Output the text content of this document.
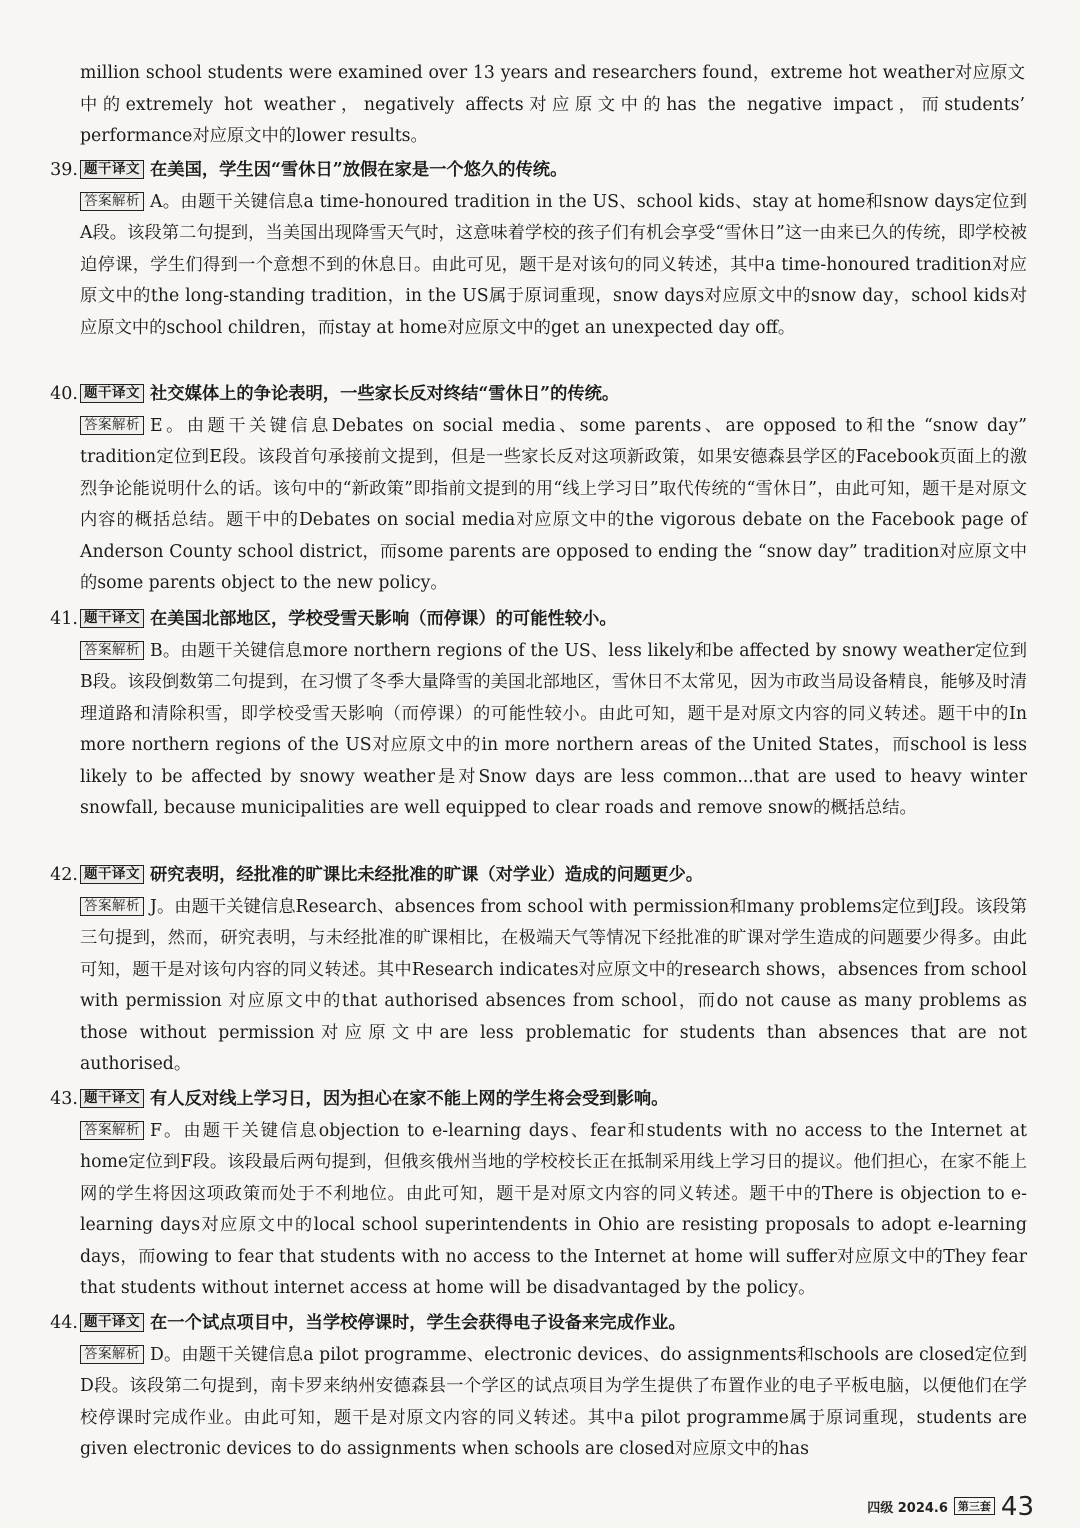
million school students were examined over 13 years and researchers found，extreme hot weather对应原文中的extremely hot weather，negatively affects对应原文中的has the negative impact，而students’ performance对应原文中的lower results。
39. 题干译文 在美国，学生因“雪休日”放假在家是一个悠久的传统。
答案解析 A。由题干关键信息a time-honoured tradition in the US、school kids、stay at home和snow days定位到A段。该段第二句提到，当美国出现降雪天气时，这意味着学校的孩子们有机会享受“雪休日”这一由来已久的传统，即学校被迫停课，学生们得到一个意想不到的休息日。由此可见，题干是对该句的同义转述，其中a time-honoured tradition对应原文中的the long-standing tradition，in the US属于原词重现，snow days对应原文中的snow day，school kids对应原文中的school children，而stay at home对应原文中的get an unexpected day off。
40. 题干译文 社交媒体上的争论表明，一些家长反对终结“雪休日”的传统。
答案解析 E。由题干关键信息Debates on social media、some parents、are opposed to和the “snow day” tradition定位到E段。该段首句承接前文提到，但是一些家长反对这项新政策，如果安德森县学区的Facebook页面上的激烈争论能说明什么的话。该句中的“新政策”即指前文提到的用“线上学习日”取代传统的“雪休日”，由此可知，题干是对原文内容的概括总结。题干中的Debates on social media对应原文中的the vigorous debate on the Facebook page of Anderson County school district，而some parents are opposed to ending the “snow day” tradition对应原文中的some parents object to the new policy。
41. 题干译文 在美国北部地区，学校受雪天影响（而停课）的可能性较小。
答案解析 B。由题干关键信息more northern regions of the US、less likely和be affected by snowy weather定位到B段。该段倒数第二句提到，在习惯了冬季大量降雪的美国北部地区，雪休日不太常见，因为市政当局设备精良，能够及时清理道路和清除积雪，即学校受雪天影响（而停课）的可能性较小。由此可知，题干是对原文内容的同义转述。题干中的In more northern regions of the US对应原文中的in more northern areas of the United States，而school is less likely to be affected by snowy weather是对Snow days are less common...that are used to heavy winter snowfall, because municipalities are well equipped to clear roads and remove snow的概括总结。
42. 题干译文 研究表明，经批准的旷课比未经批准的旷课（对学业）造成的问题更少。
答案解析 J。由题干关键信息Research、absences from school with permission和many problems定位到J段。该段第三句提到，然而，研究表明，与未经批准的旷课相比，在极端天气等情况下经批准的旷课对学生造成的问题要少得多。由此可知，题干是对该句内容的同义转述。其中Research indicates对应原文中的research shows，absences from school with permission 对应原文中的that authorised absences from school，而do not cause as many problems as those without permission对应原文中are less problematic for students than absences that are not authorised。
43. 题干译文 有人反对线上学习日，因为担心在家不能上网的学生将会受到影响。
答案解析 F。由题干关键信息objection to e-learning days、fear和students with no access to the Internet at home定位到F段。该段最后两句提到，但俄亥俄州当地的学校校长正在抵制采用线上学习日的提议。他们担心，在家不能上网的学生将因这项政策而处于不利地位。由此可知，题干是对原文内容的同义转述。题干中的There is objection to e-learning days对应原文中的local school superintendents in Ohio are resisting proposals to adopt e-learning days，而owing to fear that students with no access to the Internet at home will suffer对应原文中的They fear that students without internet access at home will be disadvantaged by the policy。
44. 题干译文 在一个试点项目中，当学校停课时，学生会获得电子设备来完成作业。
答案解析 D。由题干关键信息a pilot programme、electronic devices、do assignments和schools are closed定位到D段。该段第二句提到，南卡罗来纳州安德森县一个学区的试点项目为学生提供了布置作业的电子平板电脑，以便他们在学校停课时完成作业。由此可知，题干是对原文内容的同义转述。其中a pilot programme属于原词重现，students are given electronic devices to do assignments when schools are closed对应原文中的has
四级 2024.6 第三套 43
